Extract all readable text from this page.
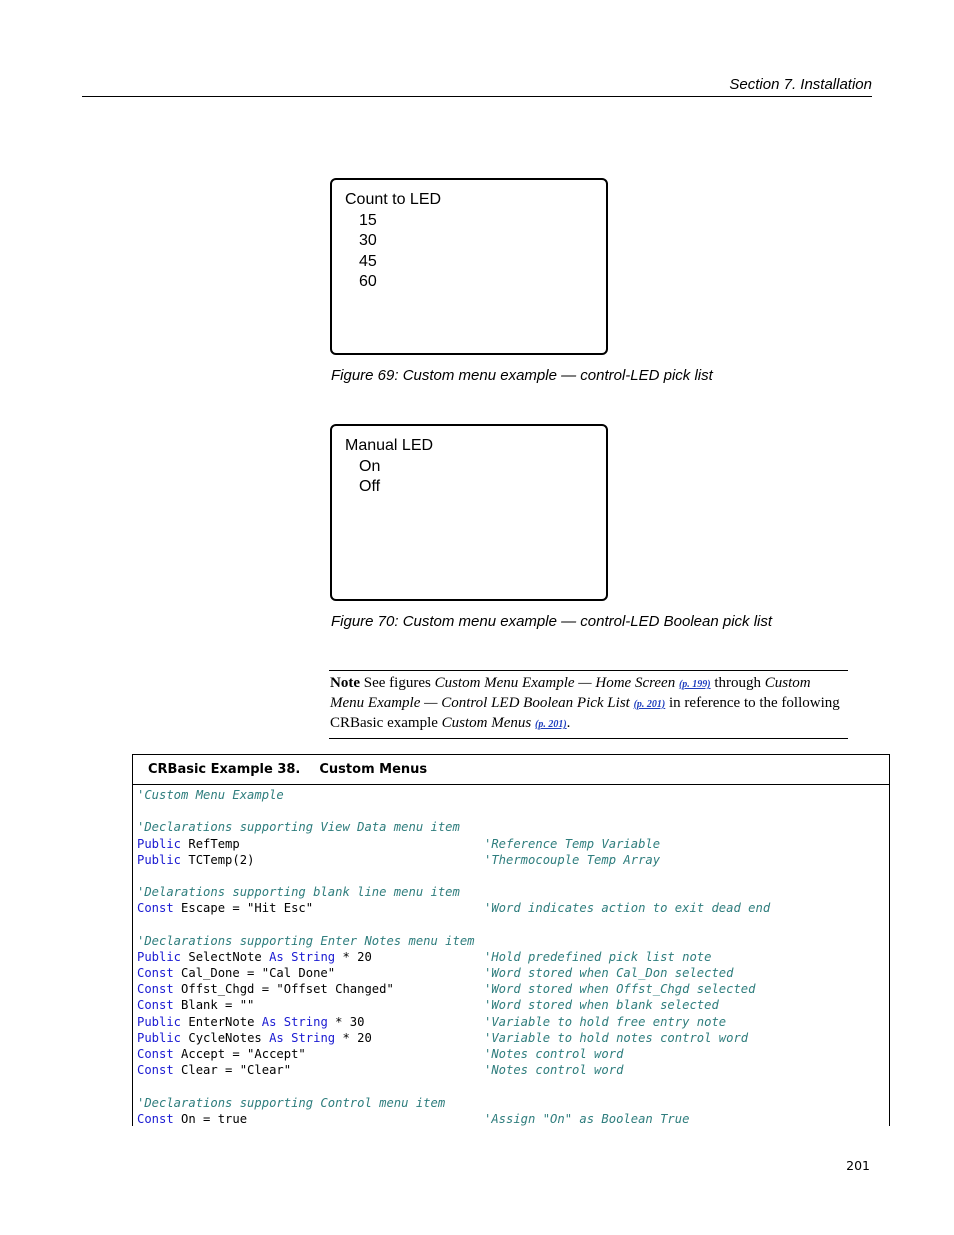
Section 7. Installation
Count to LED
15
30
45
60
Figure 69: Custom menu example — control-LED pick list
Manual LED
On
Off
Figure 70: Custom menu example — control-LED Boolean pick list
Note See figures Custom Menu Example — Home Screen (p. 199) through Custom Menu Example — Control LED Boolean Pick List (p. 201) in reference to the following CRBasic example Custom Menus (p. 201).
CRBasic Example 38. Custom Menus
'Custom Menu Example
'Declarations supporting View Data menu item
Public RefTemp	'Reference Temp Variable
Public TCTemp(2)	'Thermocouple Temp Array
'Delarations supporting blank line menu item
Const Escape = "Hit Esc"	'Word indicates action to exit dead end
'Declarations supporting Enter Notes menu item
Public SelectNote As String * 20	'Hold predefined pick list note
Const Cal_Done = "Cal Done"	'Word stored when Cal_Don selected
Const Offst_Chgd = "Offset Changed"	'Word stored when Offst_Chgd selected
Const Blank = ""	'Word stored when blank selected
Public EnterNote As String * 30	'Variable to hold free entry note
Public CycleNotes As String * 20	'Variable to hold notes control word
Const Accept = "Accept"	'Notes control word
Const Clear = "Clear"	'Notes control word
'Declarations supporting Control menu item
Const On = true	'Assign "On" as Boolean True
201
